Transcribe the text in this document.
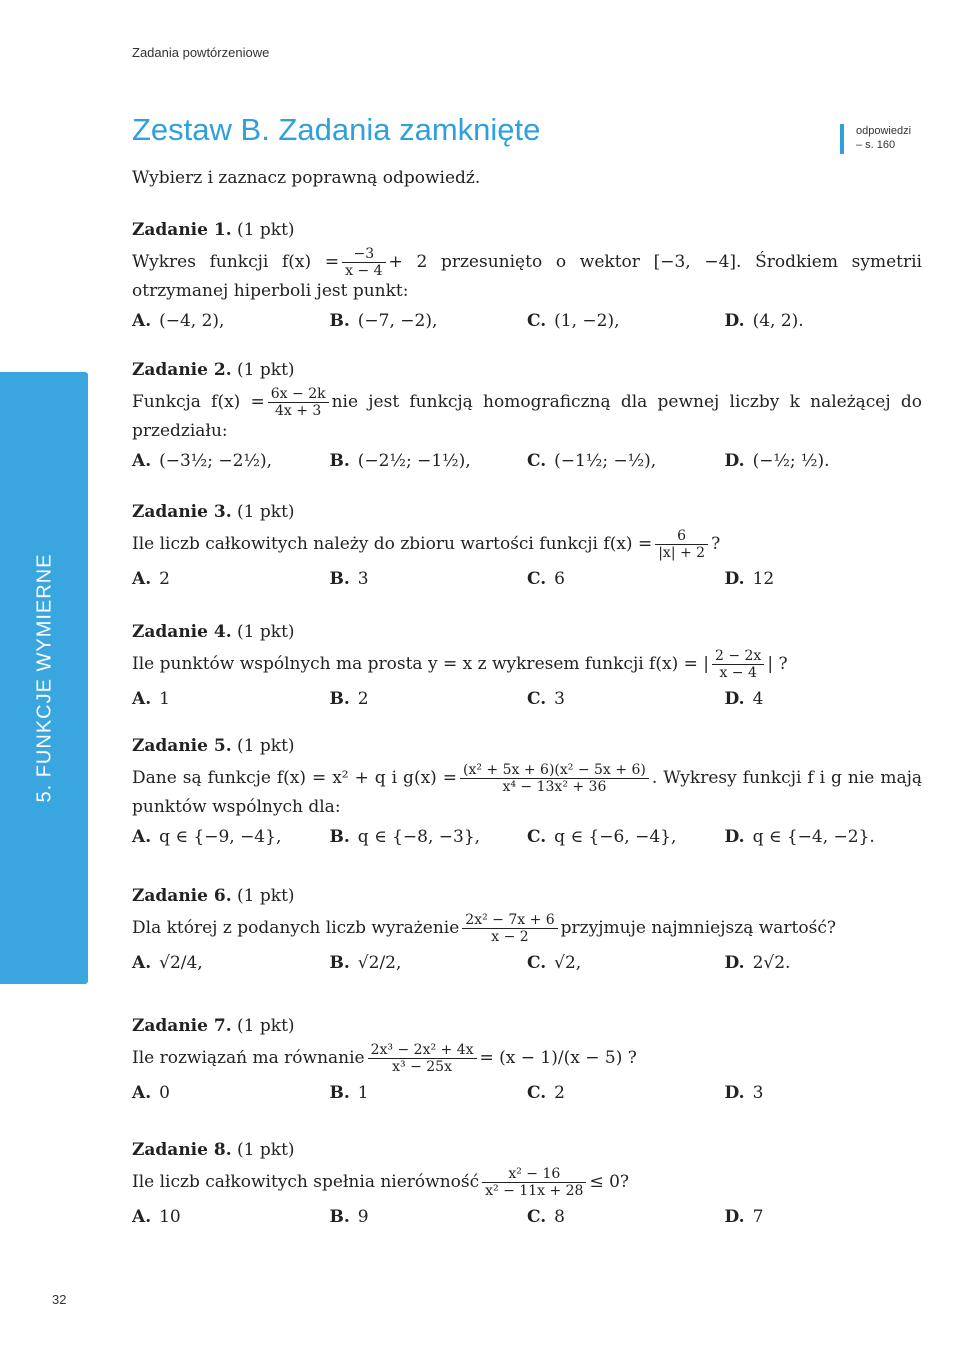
Zadania powtórzeniowe
Zestaw B. Zadania zamknięte	odpowiedzi
– s. 160
Wybierz i zaznacz poprawną odpowiedź.
5. FUNKCJE WYMIERNE
Zadanie 1. (1 pkt)
Wykres funkcji $f(x) = \frac{-3}{x - 4} + 2$ przesunięto o wektor [−3, −4]. Środkiem symetrii otrzymanej hiperboli jest punkt:
A. (−4, 2),	B. (−7, −2),	C. (1, −2),	D. (4, 2).
Zadanie 2. (1 pkt)
Funkcja $f(x) = \frac{6x - 2k}{4x + 3}$ nie jest funkcją homograficzną dla pewnej liczby k należącej do przedziału:
A. (−3½; −2½),	B. (−2½; −1½),	C. (−1½; −½),	D. (−½; ½).
Zadanie 3. (1 pkt)
Ile liczb całkowitych należy do zbioru wartości funkcji $f(x) = \frac{6}{|x| + 2}$ ?
A. 2	B. 3	C. 6	D. 12
Zadanie 4. (1 pkt)
Ile punktów wspólnych ma prosta y = x z wykresem funkcji f(x) = | $\frac{2 - 2x}{x - 4}$ | ?
A. 1	B. 2	C. 3	D. 4
Zadanie 5. (1 pkt)
Dane są funkcje f(x) = x² + q i $g(x) = \frac{\text{(x² + 5x + 6)(x² − 5x + 6)}}{\text{x⁴ − 13x² + 36}}$ . Wykresy funkcji f i g nie mają punktów wspólnych dla:
A. q ∈ {−9, −4},	B. q ∈ {−8, −3},	C. q ∈ {−6, −4},	D. q ∈ {−4, −2}.
Zadanie 6. (1 pkt)
Dla której z podanych liczb wyrażenie $\frac{\text{2x² − 7x + 6}}{x - 2}$ przyjmuje najmniejszą wartość?
A. √2/4,	B. √2/2,	C. √2,	D. 2√2.
Zadanie 7. (1 pkt)
Ile rozwiązań ma równanie $\frac{\text{2x³ − 2x² + 4x}}{\text{x³ − 25x}} = (x - 1)/(x - 5)$ ?
A. 0	B. 1	C. 2	D. 3
Zadanie 8. (1 pkt)
Ile liczb całkowitych spełnia nierówność $\frac{\text{x² − 16}}{\text{x² − 11x + 28}} \le 0$?
A. 10	B. 9	C. 8	D. 7
32
